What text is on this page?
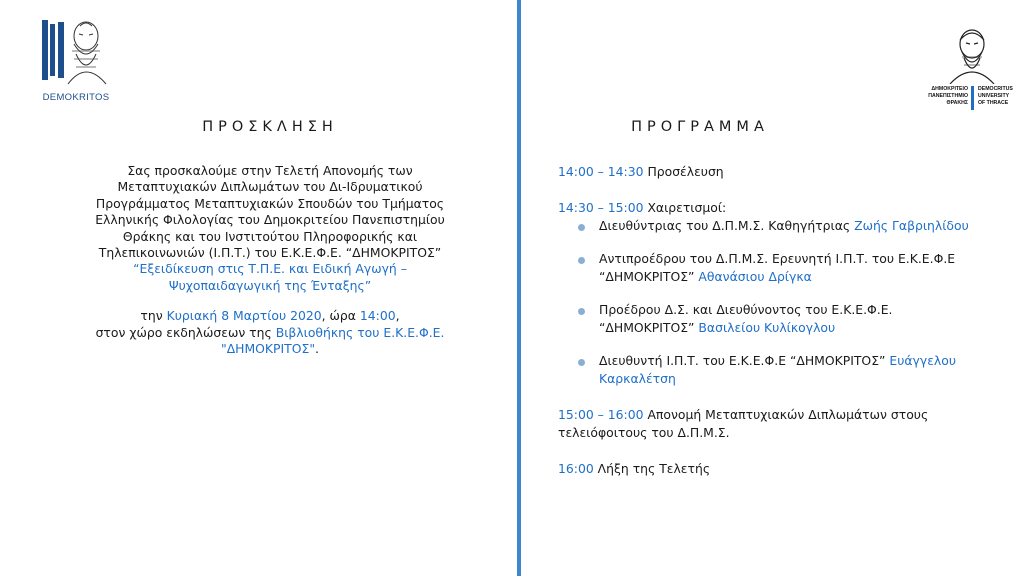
DEMOKRITOS
ΔΗΜΟΚΡΙΤΕΙΟ
ΠΑΝΕΠΙΣΤΗΜΙΟ
ΘΡΑΚΗΣ
DEMOCRITUS
UNIVERSITY
OF THRACE
ΠΡΟΣΚΛΗΣΗ
Σας προσκαλούμε στην Τελετή Απονομής των
Μεταπτυχιακών Διπλωμάτων του Δι-Ιδρυματικού
Προγράμματος Μεταπτυχιακών Σπουδών του Τμήματος
Ελληνικής Φιλολογίας του Δημοκριτείου Πανεπιστημίου
Θράκης και του Ινστιτούτου Πληροφορικής και
Τηλεπικοινωνιών (Ι.Π.Τ.) του Ε.Κ.Ε.Φ.Ε. “ΔΗΜΟΚΡΙΤΟΣ”
“Εξειδίκευση στις Τ.Π.Ε. και Ειδική Αγωγή –
Ψυχοπαιδαγωγική της Ένταξης”
την Κυριακή 8 Μαρτίου 2020, ώρα 14:00,
στον χώρο εκδηλώσεων της Βιβλιοθήκης του Ε.Κ.Ε.Φ.Ε.
"ΔΗΜΟΚΡΙΤΟΣ".
ΠΡΟΓΡΑΜΜΑ
14:00 – 14:30 Προσέλευση
14:30 – 15:00 Χαιρετισμοί:
Διευθύντριας του Δ.Π.Μ.Σ. Καθηγήτριας Ζωής Γαβριηλίδου
Αντιπροέδρου του Δ.Π.Μ.Σ. Ερευνητή Ι.Π.Τ. του Ε.Κ.Ε.Φ.Ε
“ΔΗΜΟΚΡΙΤΟΣ” Αθανάσιου Δρίγκα
Προέδρου Δ.Σ. και Διευθύνοντος του Ε.Κ.Ε.Φ.Ε.
“ΔΗΜΟΚΡΙΤΟΣ” Βασιλείου Κυλίκογλου
Διευθυντή Ι.Π.Τ. του Ε.Κ.Ε.Φ.Ε “ΔΗΜΟΚΡΙΤΟΣ” Ευάγγελου
Καρκαλέτση
15:00 – 16:00 Απονομή Μεταπτυχιακών Διπλωμάτων στους
τελειόφοιτους του Δ.Π.Μ.Σ.
16:00 Λήξη της Τελετής
